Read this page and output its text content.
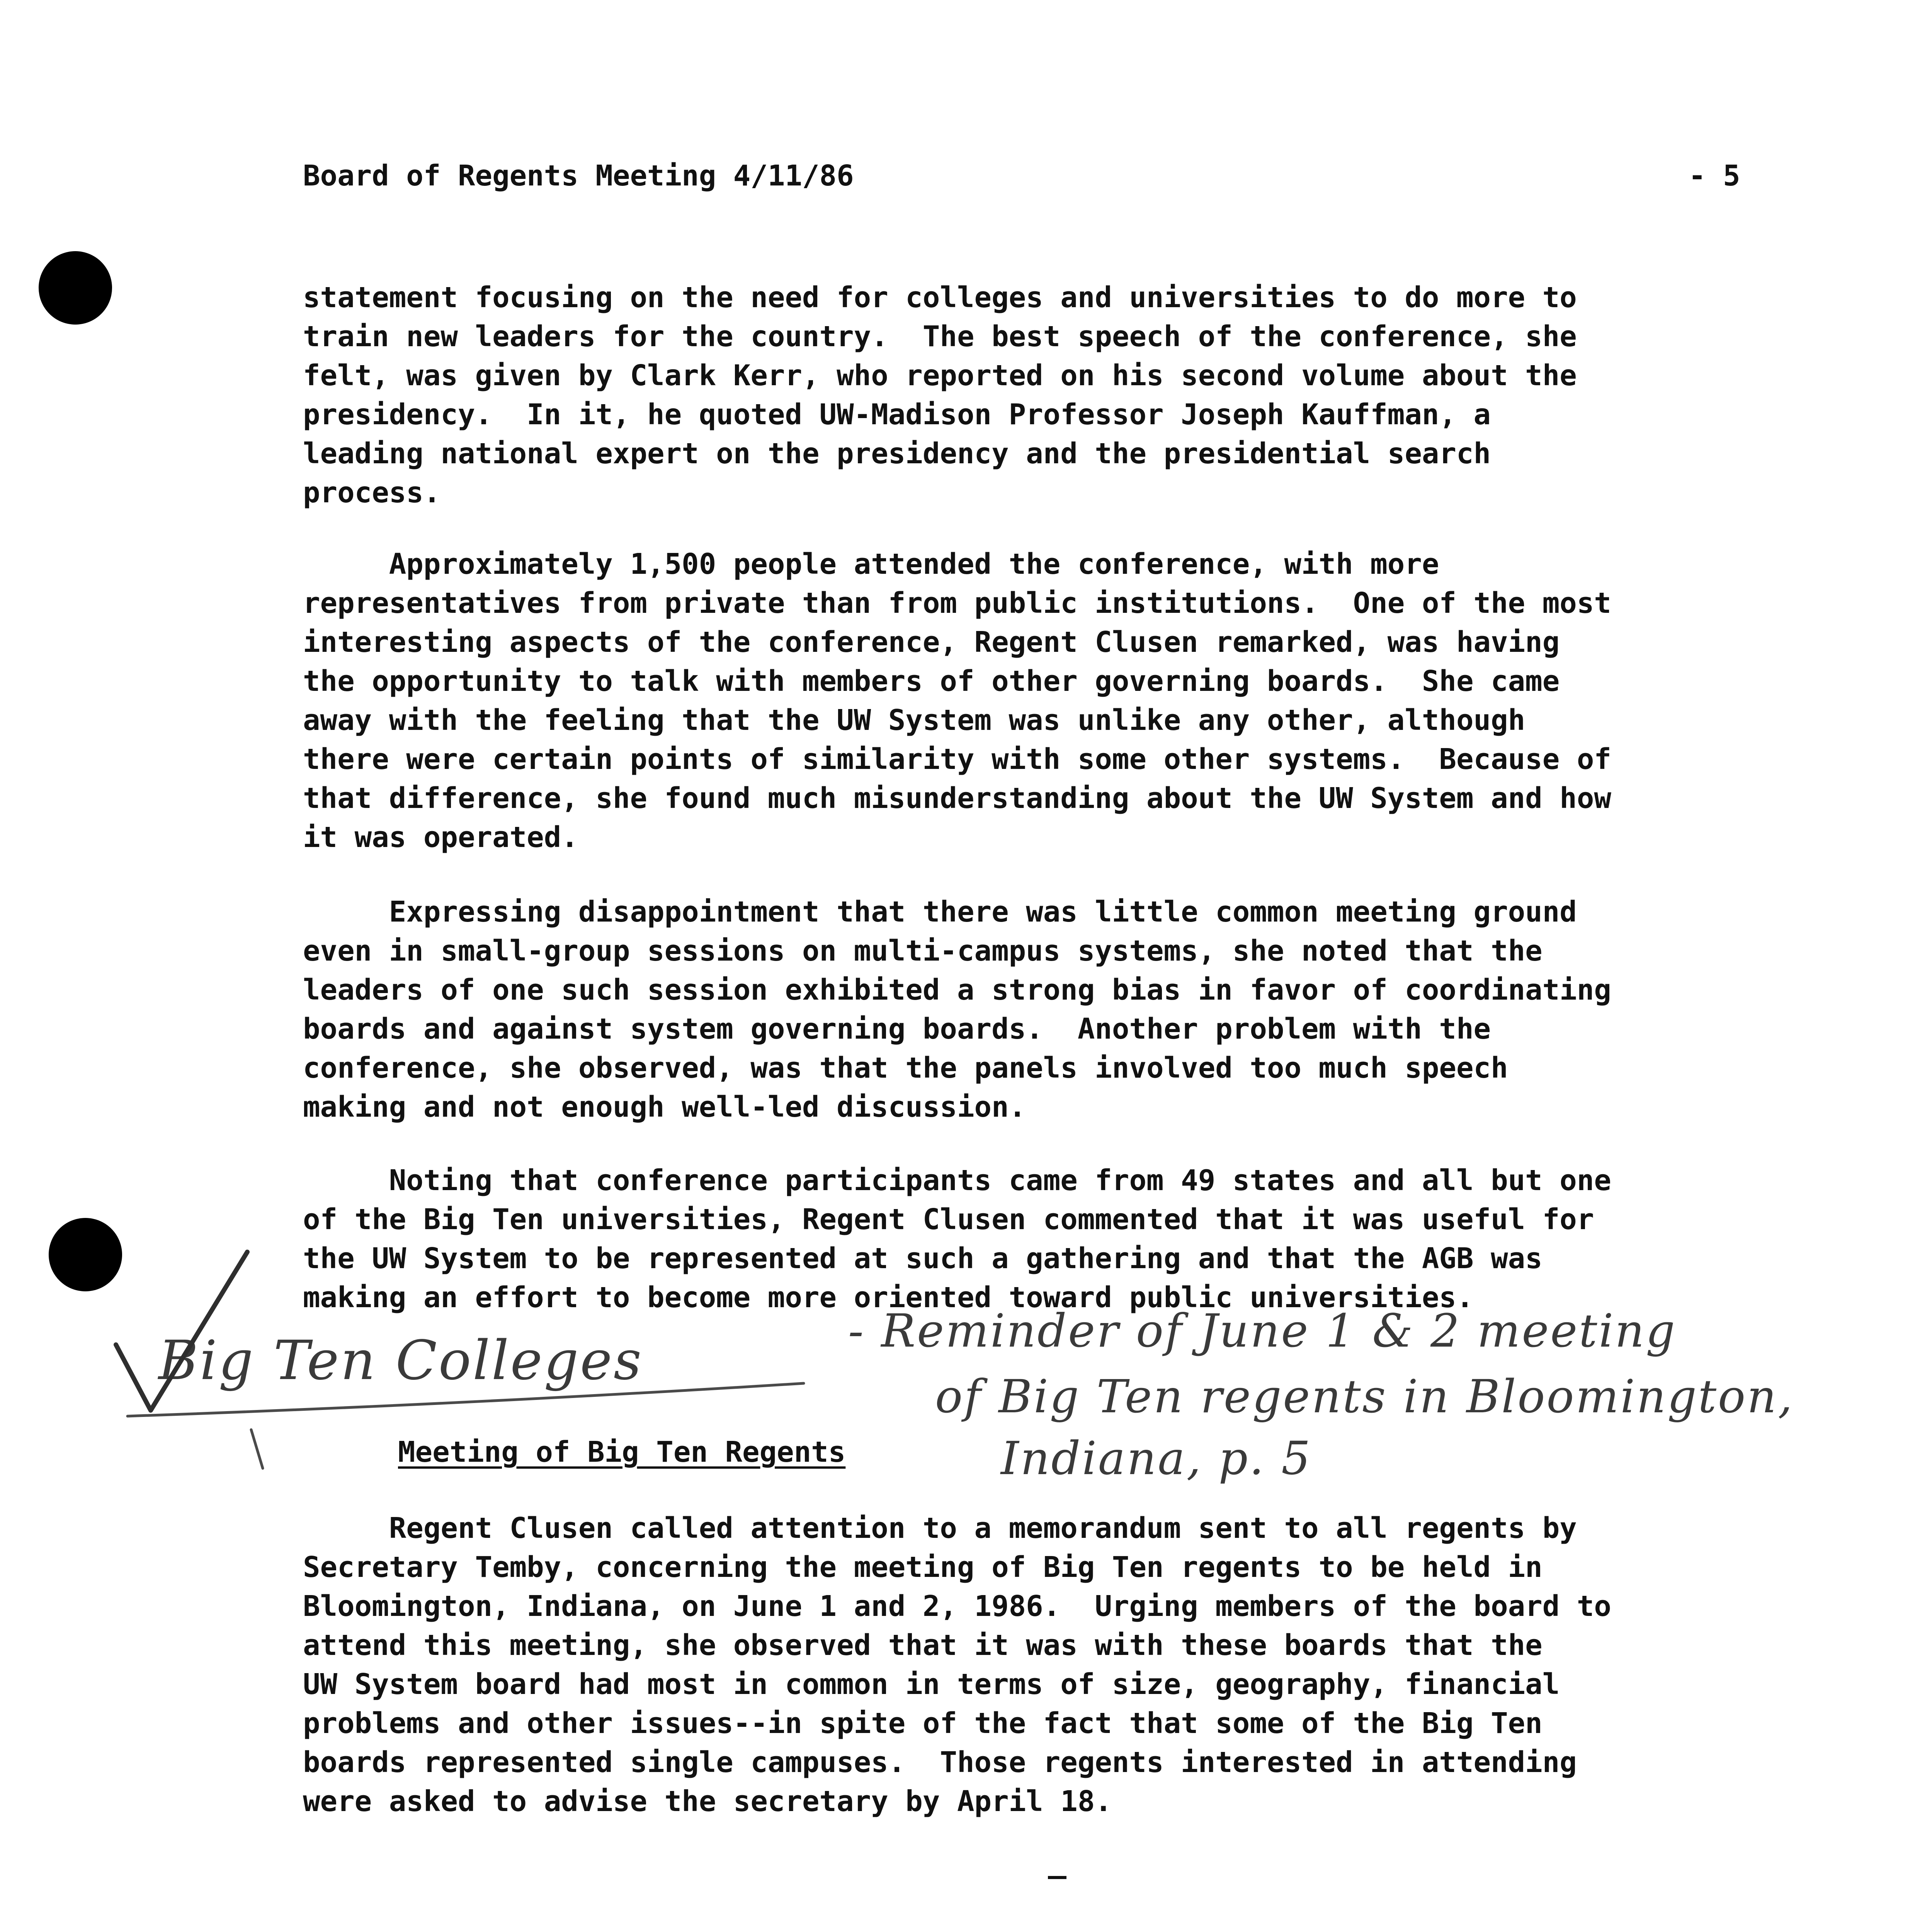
Board of Regents Meeting 4/11/86	- 5
statement focusing on the need for colleges and universities to do more to
train new leaders for the country.  The best speech of the conference, she
felt, was given by Clark Kerr, who reported on his second volume about the
presidency.  In it, he quoted UW-Madison Professor Joseph Kauffman, a
leading national expert on the presidency and the presidential search
process.
Approximately 1,500 people attended the conference, with more
representatives from private than from public institutions.  One of the most
interesting aspects of the conference, Regent Clusen remarked, was having
the opportunity to talk with members of other governing boards.  She came
away with the feeling that the UW System was unlike any other, although
there were certain points of similarity with some other systems.  Because of
that difference, she found much misunderstanding about the UW System and how
it was operated.
Expressing disappointment that there was little common meeting ground
even in small-group sessions on multi-campus systems, she noted that the
leaders of one such session exhibited a strong bias in favor of coordinating
boards and against system governing boards.  Another problem with the
conference, she observed, was that the panels involved too much speech
making and not enough well-led discussion.
Noting that conference participants came from 49 states and all but one
of the Big Ten universities, Regent Clusen commented that it was useful for
the UW System to be represented at such a gathering and that the AGB was
making an effort to become more oriented toward public universities.
Big Ten Colleges	- Reminder of June 1 & 2 meeting
of Big Ten regents in Bloomington,
Indiana, p. 5
Meeting of Big Ten Regents
Regent Clusen called attention to a memorandum sent to all regents by
Secretary Temby, concerning the meeting of Big Ten regents to be held in
Bloomington, Indiana, on June 1 and 2, 1986.  Urging members of the board to
attend this meeting, she observed that it was with these boards that the
UW System board had most in common in terms of size, geography, financial
problems and other issues--in spite of the fact that some of the Big Ten
boards represented single campuses.  Those regents interested in attending
were asked to advise the secretary by April 18.
